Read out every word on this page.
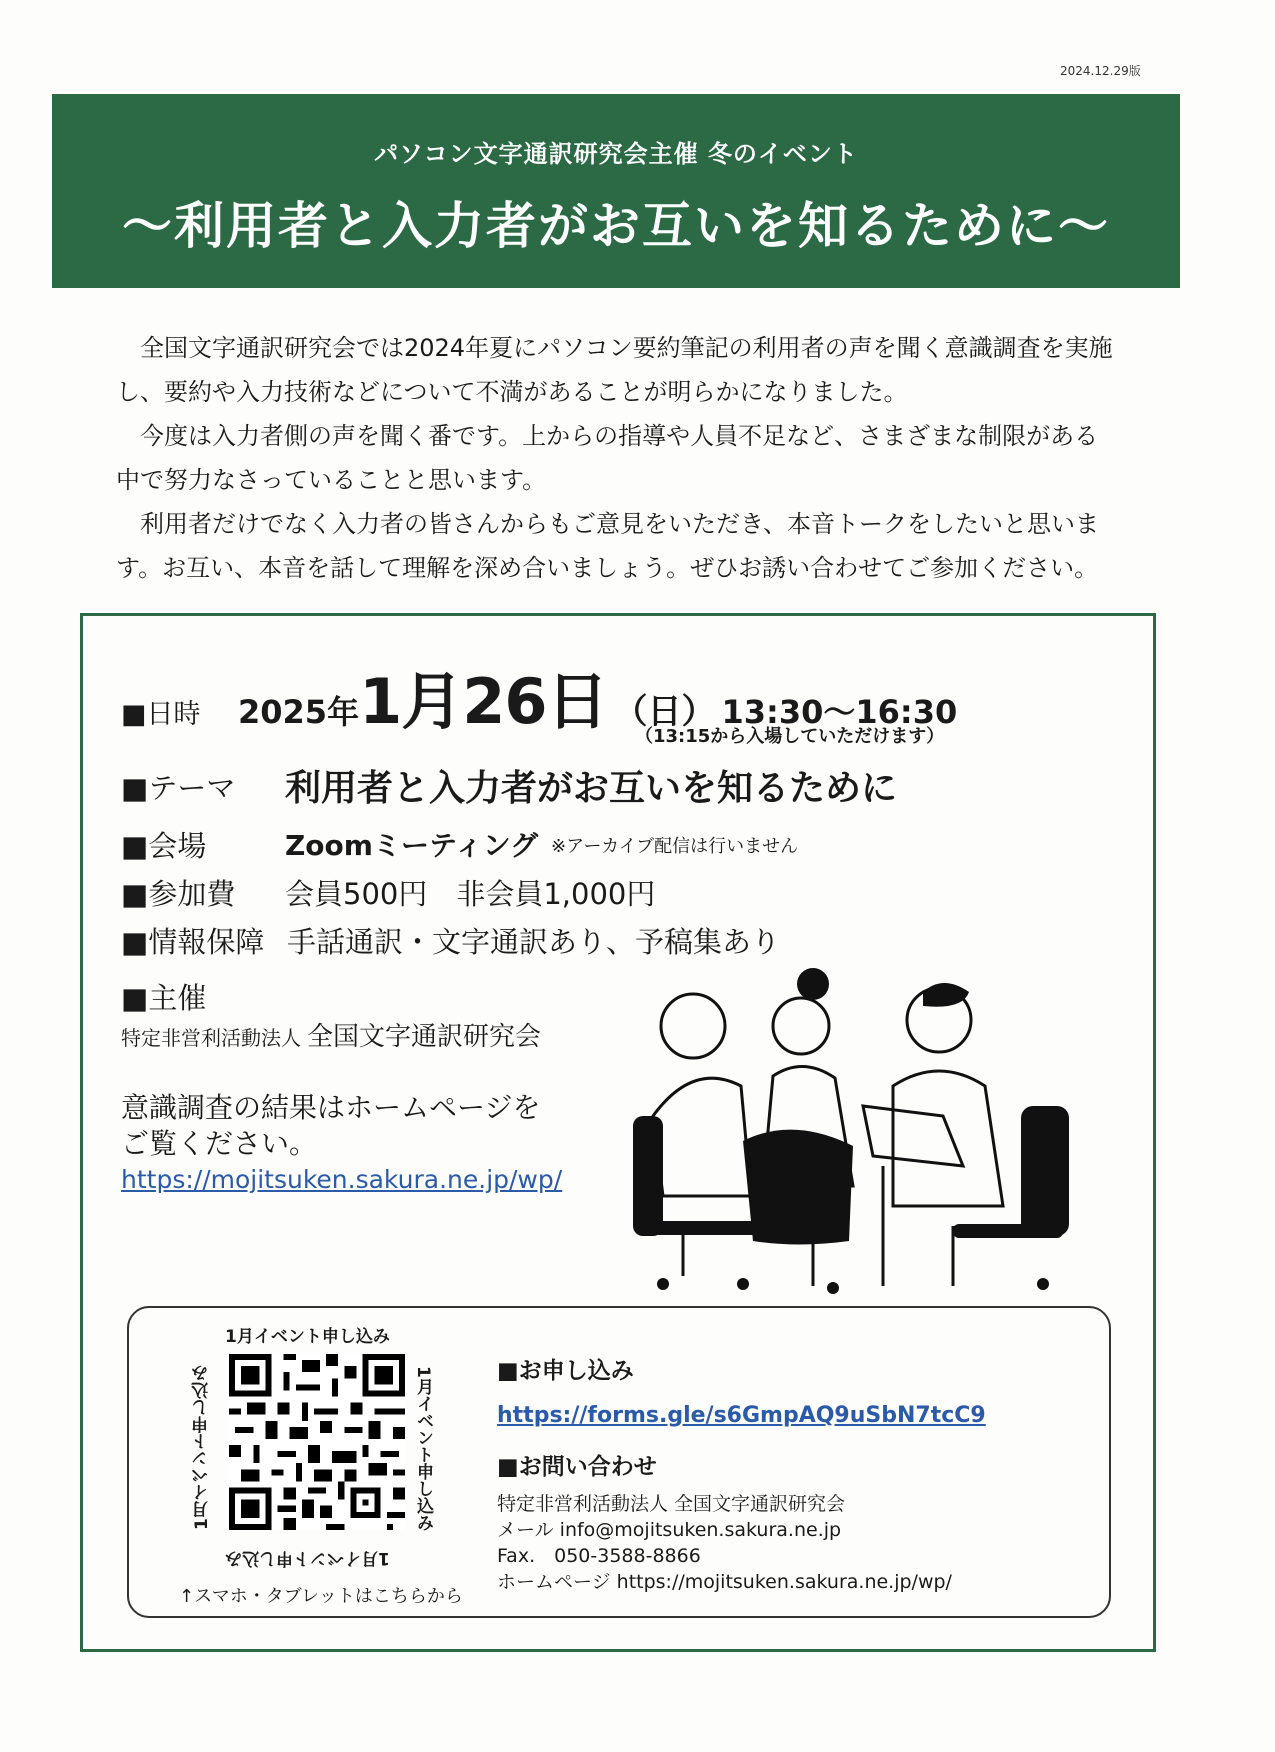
2024.12.29版
パソコン文字通訳研究会主催 冬のイベント
～利用者と入力者がお互いを知るために～

全国文字通訳研究会では2024年夏にパソコン要約筆記の利用者の声を聞く意識調査を実施し、要約や入力技術などについて不満があることが明らかになりました。

今度は入力者側の声を聞く番です。上からの指導や人員不足など、さまざまな制限がある中で努力なさっていることと思います。

利用者だけでなく入力者の皆さんからもご意見をいただき、本音トークをしたいと思います。お互い、本音を話して理解を深め合いましょう。ぜひお誘い合わせてご参加ください。

■日時	2025年 1月26日 （日） 13:30～16:30
（13:15から入場していただけます）
■テーマ 利用者と入力者がお互いを知るために
■会場	Zoomミーティング ※アーカイブ配信は行いません
■参加費 会員500円　非会員1,000円
■情報保障 手話通訳・文字通訳あり、予稿集あり
■主催
特定非営利活動法人 全国文字通訳研究会
意識調査の結果はホームページを
ご覧ください。
https://mojitsuken.sakura.ne.jp/wp/
1月イベント申し込み
1月イベント申し込み	1月イベント申し込み
1月イベント申し込み
↑スマホ・タブレットはこちらから
■お申し込み
https://forms.gle/s6GmpAQ9uSbN7tcC9
■お問い合わせ
特定非営利活動法人 全国文字通訳研究会
メール info@mojitsuken.sakura.ne.jp
Fax.　050-3588-8866
ホームページ https://mojitsuken.sakura.ne.jp/wp/
